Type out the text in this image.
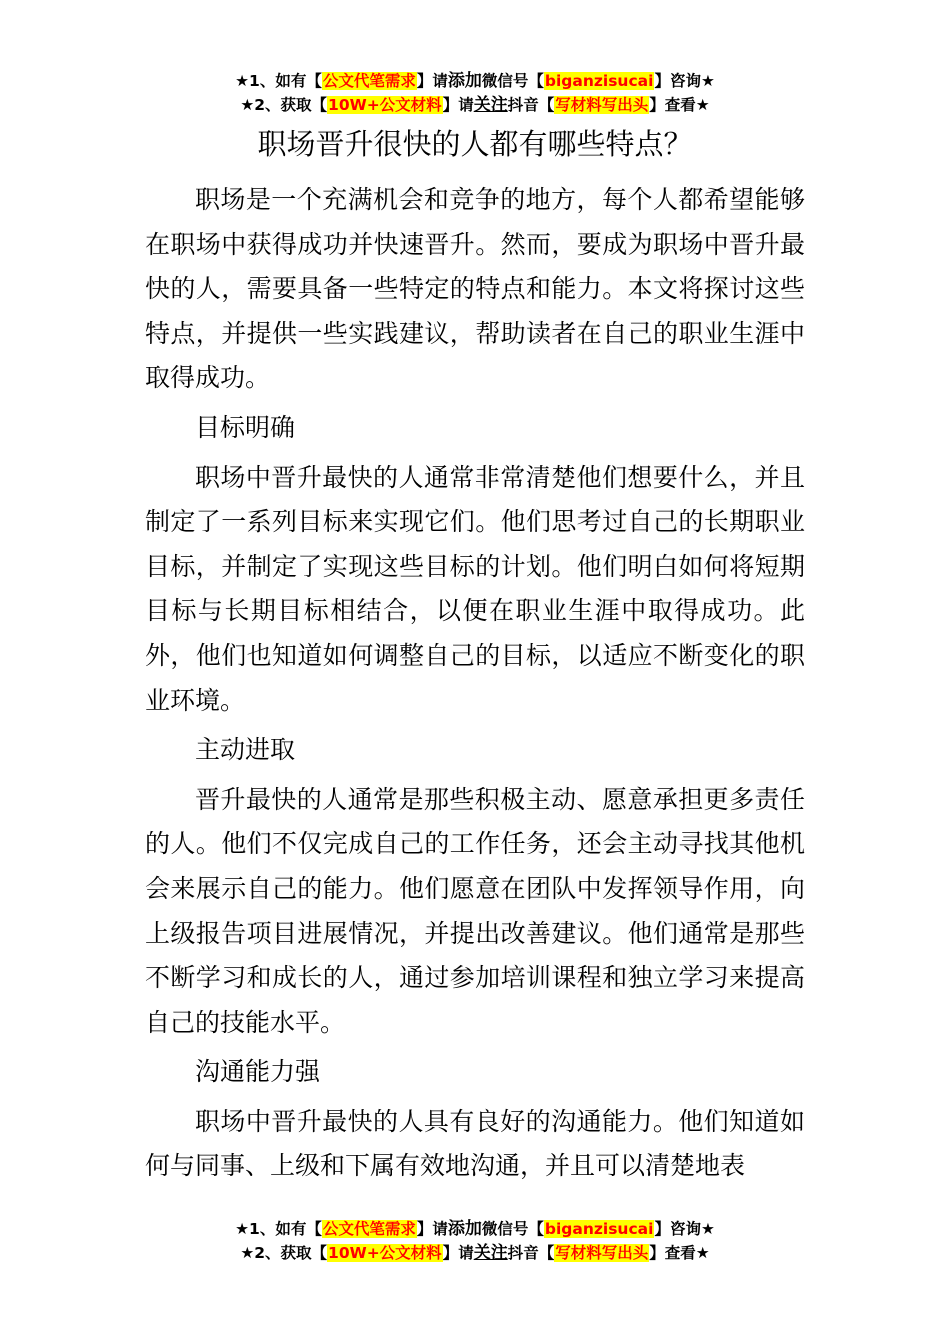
★1、如有【公文代笔需求】请添加微信号【biganzisucai】咨询★
★2、获取【10W+公文材料】请关注抖音【写材料写出头】查看★
职场晋升很快的人都有哪些特点？

职场是一个充满机会和竞争的地方，每个人都希望能够在职场中获得成功并快速晋升。然而，要成为职场中晋升最快的人，需要具备一些特定的特点和能力。本文将探讨这些特点，并提供一些实践建议，帮助读者在自己的职业生涯中取得成功。

目标明确

职场中晋升最快的人通常非常清楚他们想要什么，并且制定了一系列目标来实现它们。他们思考过自己的长期职业目标，并制定了实现这些目标的计划。他们明白如何将短期目标与长期目标相结合，以便在职业生涯中取得成功。此外，他们也知道如何调整自己的目标，以适应不断变化的职业环境。

主动进取

晋升最快的人通常是那些积极主动、愿意承担更多责任的人。他们不仅完成自己的工作任务，还会主动寻找其他机会来展示自己的能力。他们愿意在团队中发挥领导作用，向上级报告项目进展情况，并提出改善建议。他们通常是那些不断学习和成长的人，通过参加培训课程和独立学习来提高自己的技能水平。

沟通能力强

职场中晋升最快的人具有良好的沟通能力。他们知道如何与同事、上级和下属有效地沟通，并且可以清楚地表

★1、如有【公文代笔需求】请添加微信号【biganzisucai】咨询★
★2、获取【10W+公文材料】请关注抖音【写材料写出头】查看★
